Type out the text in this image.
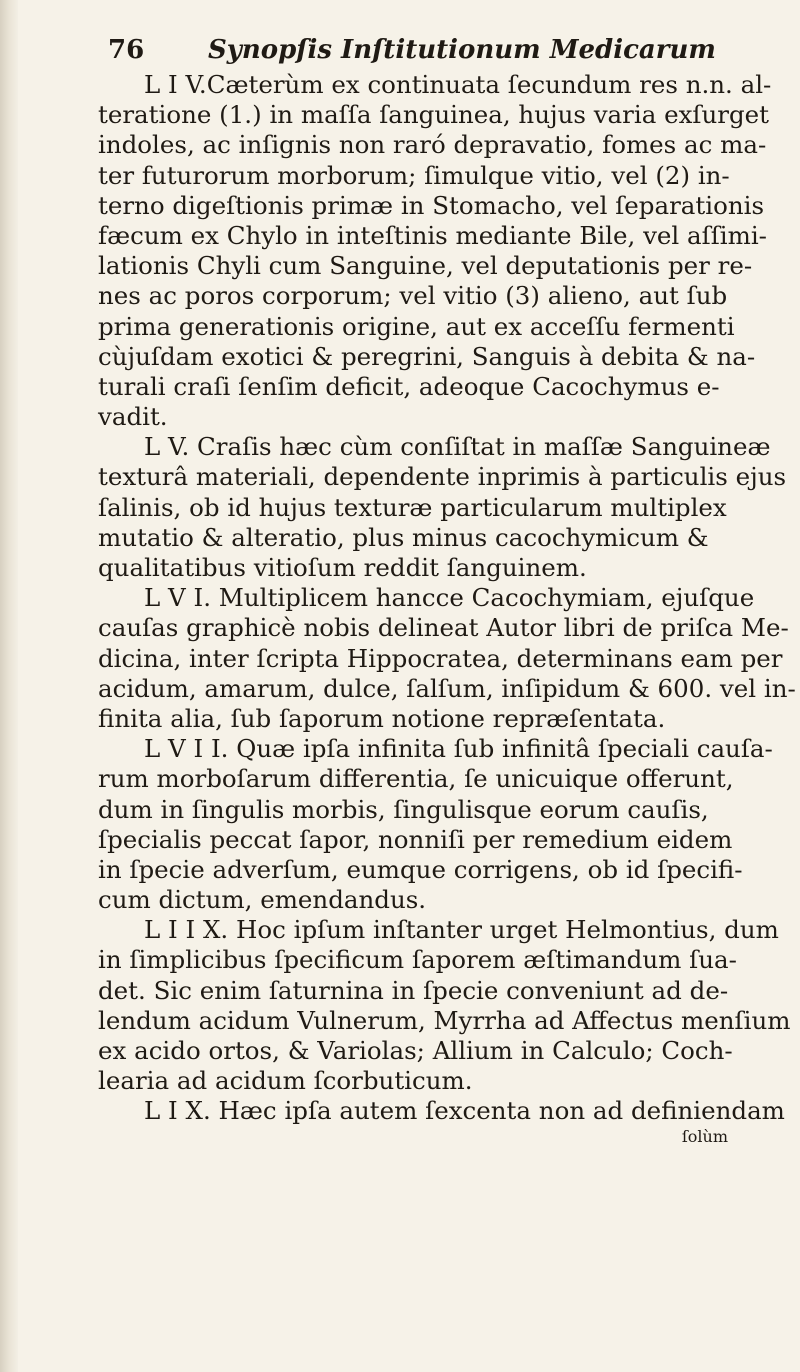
76	Synopſis Inſtitutionum Medicarum
L I V.Cæterùm ex continuata ſecundum res n.n. al-
teratione (1.) in maſſa ſanguinea, hujus varia exſurget
indoles, ac inſignis non raró depravatio, fomes ac ma-
ter futurorum morborum; ſimulque vitio, vel (2) in-
terno digeſtionis primæ in Stomacho, vel ſeparationis
fæcum ex Chylo in inteſtinis mediante Bile, vel aſſimi-
lationis Chyli cum Sanguine, vel deputationis per re-
nes ac poros corporum; vel vitio (3) alieno, aut ſub
prima generationis origine, aut ex acceſſu fermenti
cùjuſdam exotici & peregrini, Sanguis à debita & na-
turali craſi ſenſim deficit, adeoque Cacochymus e-
vadit.
L V. Craſis hæc cùm conſiſtat in maſſæ Sanguineæ
texturâ materiali, dependente inprimis à particulis ejus
ſalinis, ob id hujus texturæ particularum multiplex
mutatio & alteratio, plus minus cacochymicum &
qualitatibus vitioſum reddit ſanguinem.
L V I. Multiplicem hancce Cacochymiam, ejuſque
cauſas graphicè nobis delineat Autor libri de priſca Me-
dicina, inter ſcripta Hippocratea, determinans eam per
acidum, amarum, dulce, ſalſum, inſipidum & 600. vel in-
finita alia, ſub ſaporum notione repræſentata.
L V I I. Quæ ipſa infinita ſub infinitâ ſpeciali cauſa-
rum morboſarum differentia, ſe unicuique offerunt,
dum in ſingulis morbis, ſingulisque eorum cauſis,
ſpecialis peccat ſapor, nonniſi per remedium eidem
in ſpecie adverſum, eumque corrigens, ob id ſpecifi-
cum dictum, emendandus.
L I I X. Hoc ipſum inſtanter urget Helmontius, dum
in ſimplicibus ſpecificum ſaporem æſtimandum ſua-
det. Sic enim ſaturnina in ſpecie conveniunt ad de-
lendum acidum Vulnerum, Myrrha ad Affectus menſium
ex acido ortos, & Variolas; Allium in Calculo; Coch-
learia ad acidum ſcorbuticum.
L I X. Hæc ipſa autem ſexcenta non ad definiendam
ſolùm
